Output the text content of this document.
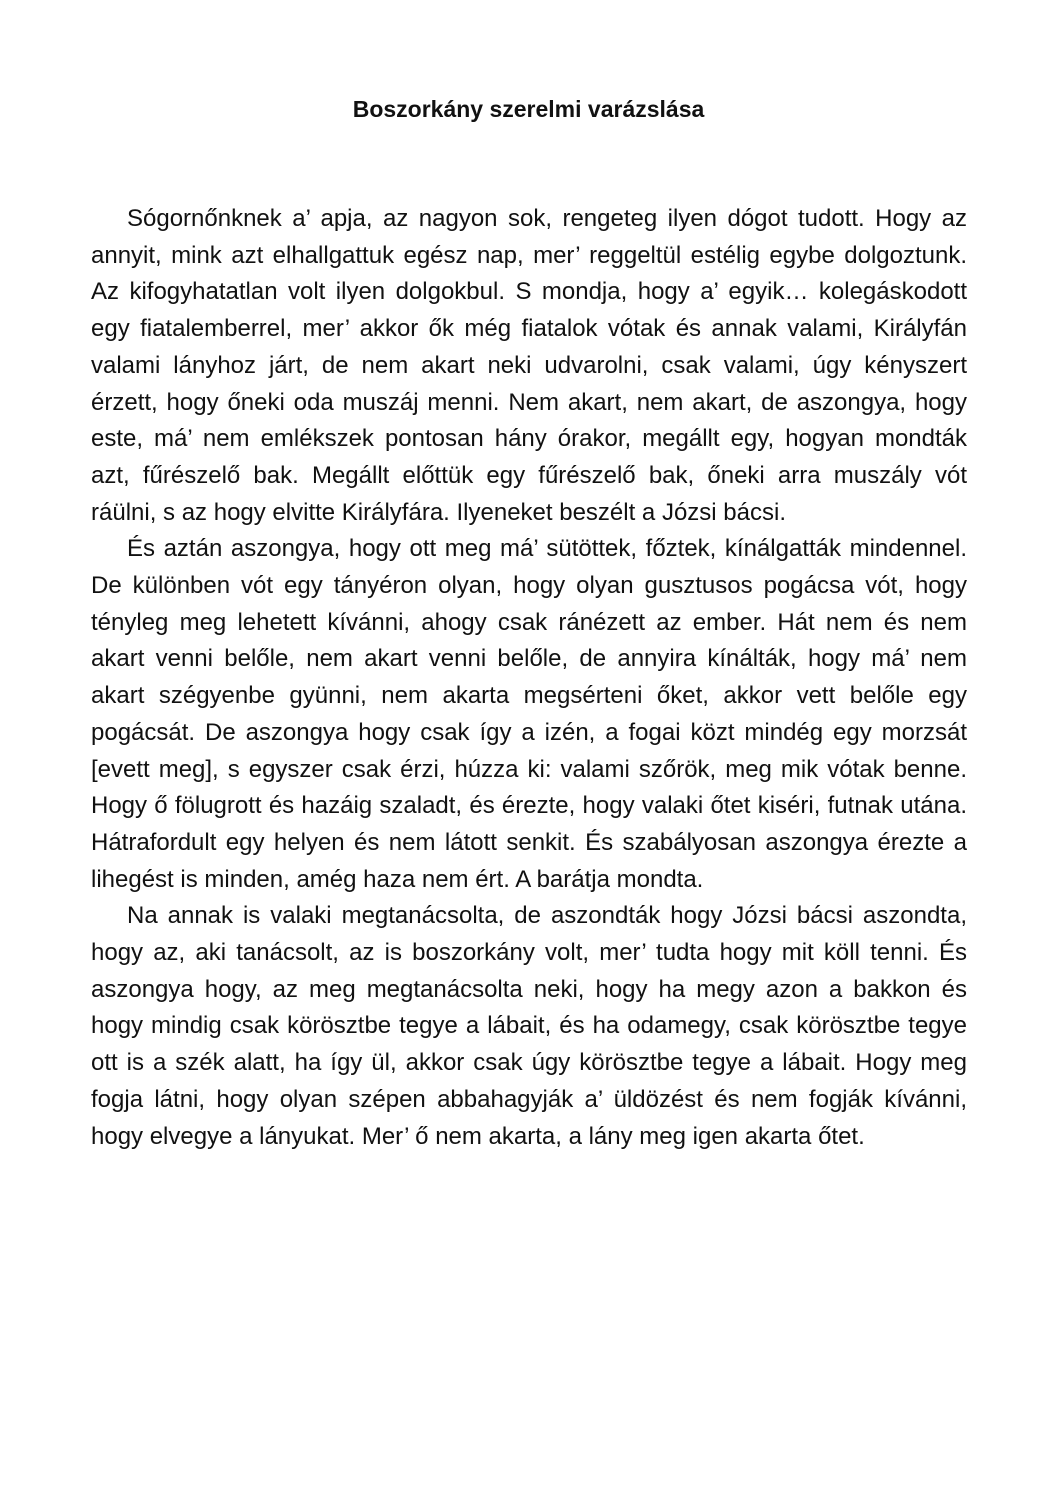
Boszorkány szerelmi varázslása

Sógornőnknek a’ apja, az nagyon sok, rengeteg ilyen dógot tudott. Hogy az annyit, mink azt elhallgattuk egész nap, mer’ reggeltül estélig egybe dolgoztunk. Az kifogyhatatlan volt ilyen dolgokbul. S mondja, hogy a’ egyik… kolegáskodott egy fiatalemberrel, mer’ akkor ők még fiatalok vótak és annak valami, Királyfán valami lányhoz járt, de nem akart neki udvarolni, csak valami, úgy kényszert érzett, hogy őneki oda muszáj menni. Nem akart, nem akart, de aszongya, hogy este, má’ nem emlékszek pontosan hány órakor, megállt egy, hogyan mondták azt, fűrészelő bak. Megállt előttük egy fűrészelő bak, őneki arra muszály vót ráülni, s az hogy elvitte Királyfára. Ilyeneket beszélt a Józsi bácsi.

És aztán aszongya, hogy ott meg má’ sütöttek, főztek, kínálgatták mindennel. De különben vót egy tányéron olyan, hogy olyan gusztusos pogácsa vót, hogy tényleg meg lehetett kívánni, ahogy csak ránézett az ember. Hát nem és nem akart venni belőle, nem akart venni belőle, de annyira kínálták, hogy má’ nem akart szégyenbe gyünni, nem akarta megsérteni őket, akkor vett belőle egy pogácsát. De aszongya hogy csak így a izén, a fogai közt mindég egy morzsát [evett meg], s egyszer csak érzi, húzza ki: valami szőrök, meg mik vótak benne. Hogy ő fölugrott és hazáig szaladt, és érezte, hogy valaki őtet kiséri, futnak utána. Hátrafordult egy helyen és nem látott senkit. És szabályosan aszongya érezte a lihegést is minden, amég haza nem ért. A barátja mondta.

Na annak is valaki megtanácsolta, de aszondták hogy Józsi bácsi aszondta, hogy az, aki tanácsolt, az is boszorkány volt, mer’ tudta hogy mit köll tenni. És aszongya hogy, az meg megtanácsolta neki, hogy ha megy azon a bakkon és hogy mindig csak körösztbe tegye a lábait, és ha odamegy, csak körösztbe tegye ott is a szék alatt, ha így ül, akkor csak úgy körösztbe tegye a lábait. Hogy meg fogja látni, hogy olyan szépen abbahagyják a’ üldözést és nem fogják kívánni, hogy elvegye a lányukat. Mer’ ő nem akarta, a lány meg igen akarta őtet.
